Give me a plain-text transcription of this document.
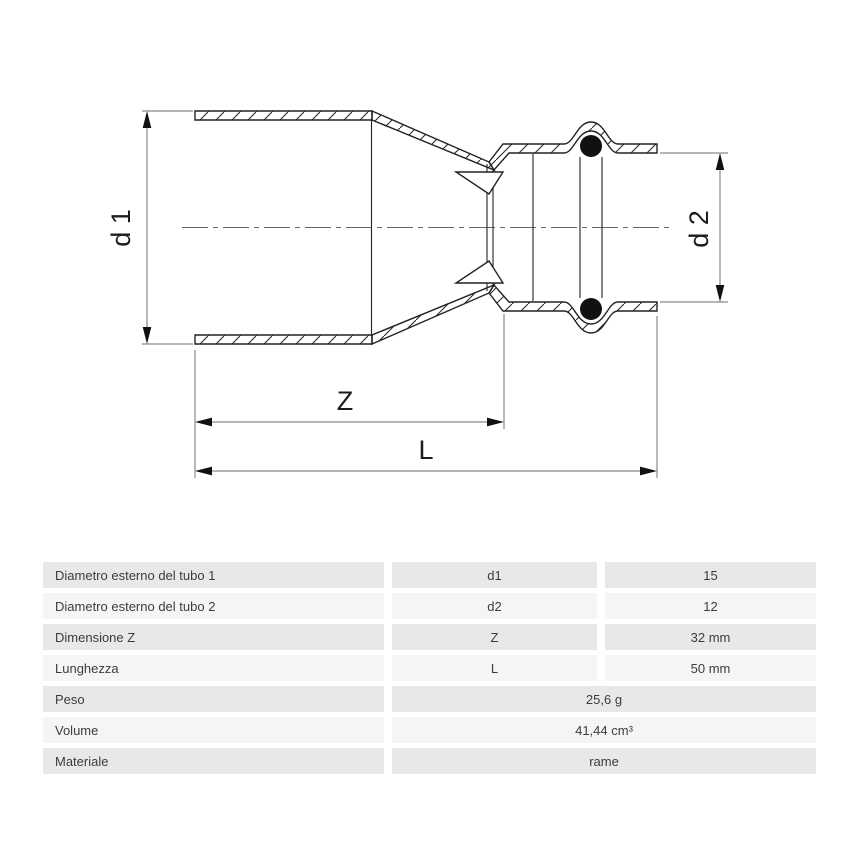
d 1	d 2
Z
L
Diametro esterno del tubo 1	d1	15
Diametro esterno del tubo 2	d2	12
Dimensione Z	Z	32 mm
Lunghezza	L	50 mm
Peso	25,6 g
Volume	41,44 cm³
Materiale	rame
